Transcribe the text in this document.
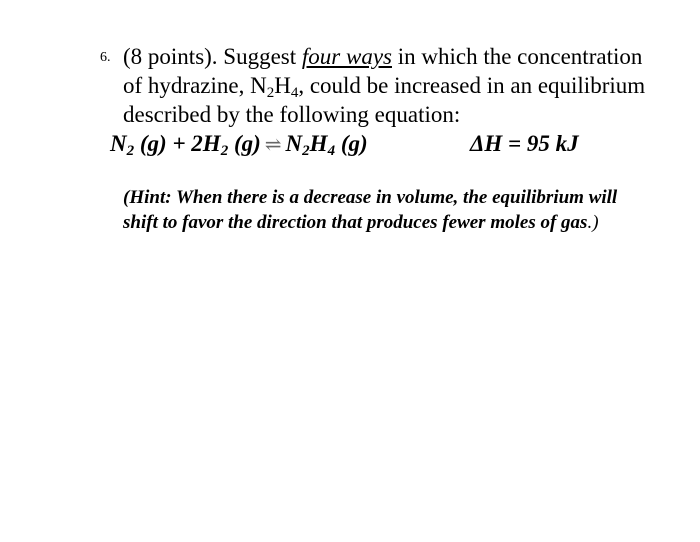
6. (8 points). Suggest four ways in which the concentration of hydrazine, $N_2H_4$, could be increased in an equilibrium described by the following equation:
$N_2$ $(g) + 2H_2$ (g) ⇌ $N_2H_4$ (g)	ΔH = 95 kJ
(Hint: When there is a decrease in volume, the equilibrium will shift to favor the direction that produces fewer moles of gas.)
